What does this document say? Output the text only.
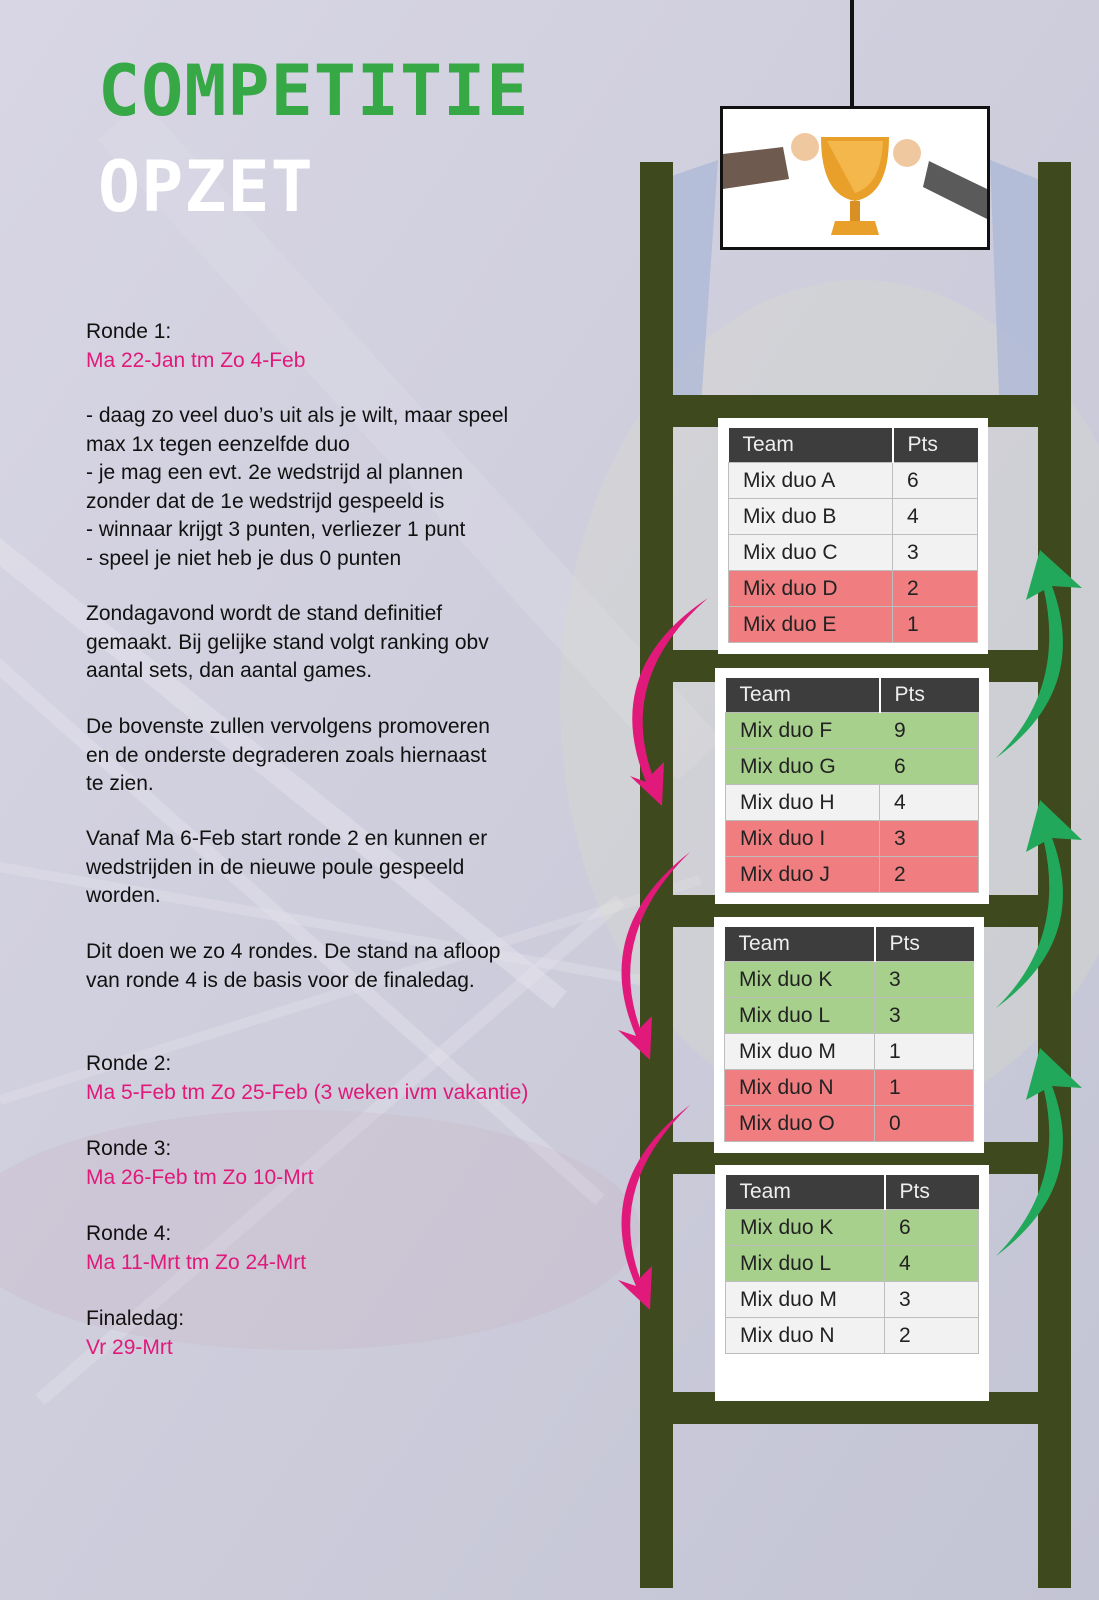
COMPETITIE
OPZET
Ronde 1:
Ma 22-Jan tm Zo 4-Feb
- daag zo veel duo’s uit als je wilt, maar speel
max 1x tegen eenzelfde duo
- je mag een evt. 2e wedstrijd al plannen
zonder dat de 1e wedstrijd gespeeld is
- winnaar krijgt 3 punten, verliezer 1 punt
- speel je niet heb je dus 0 punten
Zondagavond wordt de stand definitief
gemaakt. Bij gelijke stand volgt ranking obv
aantal sets, dan aantal games.
De bovenste zullen vervolgens promoveren
en de onderste degraderen zoals hiernaast
te zien.
Vanaf Ma 6-Feb start ronde 2 en kunnen er
wedstrijden in de nieuwe poule gespeeld
worden.
Dit doen we zo 4 rondes. De stand na afloop
van ronde 4 is de basis voor de finaledag.
Ronde 2:
Ma 5-Feb tm Zo 25-Feb (3 weken ivm vakantie)
Ronde 3:
Ma 26-Feb tm Zo 10-Mrt
Ronde 4:
Ma 11-Mrt tm Zo 24-Mrt
Finaledag:
Vr 29-Mrt
Team	Pts
Mix duo A	6
Mix duo B	4
Mix duo C	3
Mix duo D	2
Mix duo E	1
Team	Pts
Mix duo F	9
Mix duo G	6
Mix duo H	4
Mix duo I	3
Mix duo J	2
Team	Pts
Mix duo K	3
Mix duo L	3
Mix duo M	1
Mix duo N	1
Mix duo O	0
Team	Pts
Mix duo K	6
Mix duo L	4
Mix duo M	3
Mix duo N	2
